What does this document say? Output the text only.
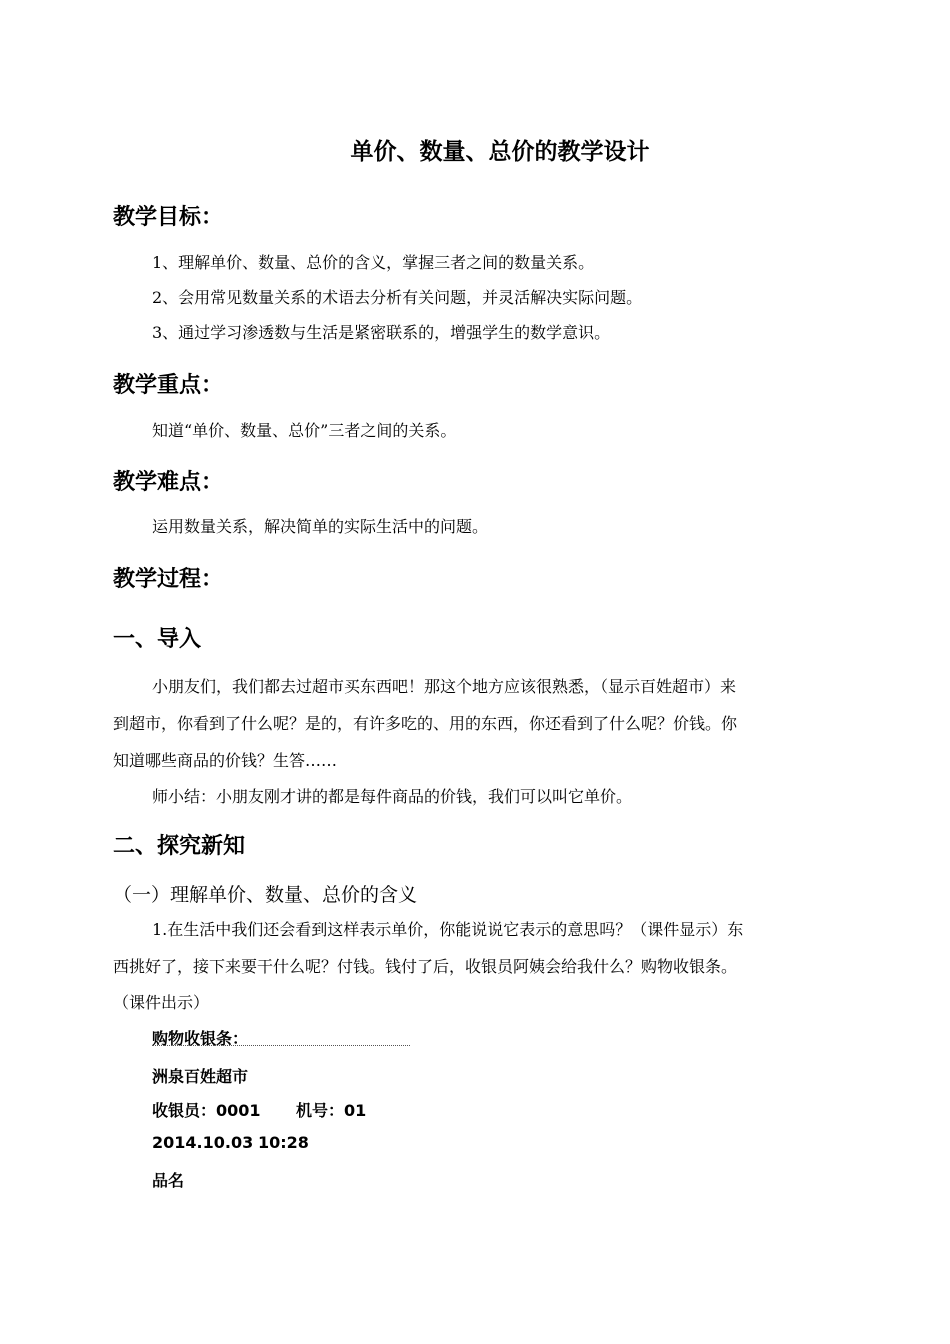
单价、数量、总价的教学设计
教学目标：
1、理解单价、数量、总价的含义，掌握三者之间的数量关系。
2、会用常见数量关系的术语去分析有关问题，并灵活解决实际问题。
3、通过学习渗透数与生活是紧密联系的，增强学生的数学意识。
教学重点：
知道“单价、数量、总价”三者之间的关系。
教学难点：
运用数量关系，解决简单的实际生活中的问题。
教学过程：
一、导入
小朋友们，我们都去过超市买东西吧！那这个地方应该很熟悉，（显示百姓超市）来
到超市，你看到了什么呢？是的，有许多吃的、用的东西，你还看到了什么呢？价钱。你
知道哪些商品的价钱？生答……
师小结：小朋友刚才讲的都是每件商品的价钱，我们可以叫它单价。
二、探究新知
（一）理解单价、数量、总价的含义
1.在生活中我们还会看到这样表示单价，你能说说它表示的意思吗？（课件显示）东
西挑好了，接下来要干什么呢？付钱。钱付了后，收银员阿姨会给我什么？购物收银条。
（课件出示）
购物收银条：
洲泉百姓超市
收银员：0001 机号：01
2014.10.03 10:28
品名
